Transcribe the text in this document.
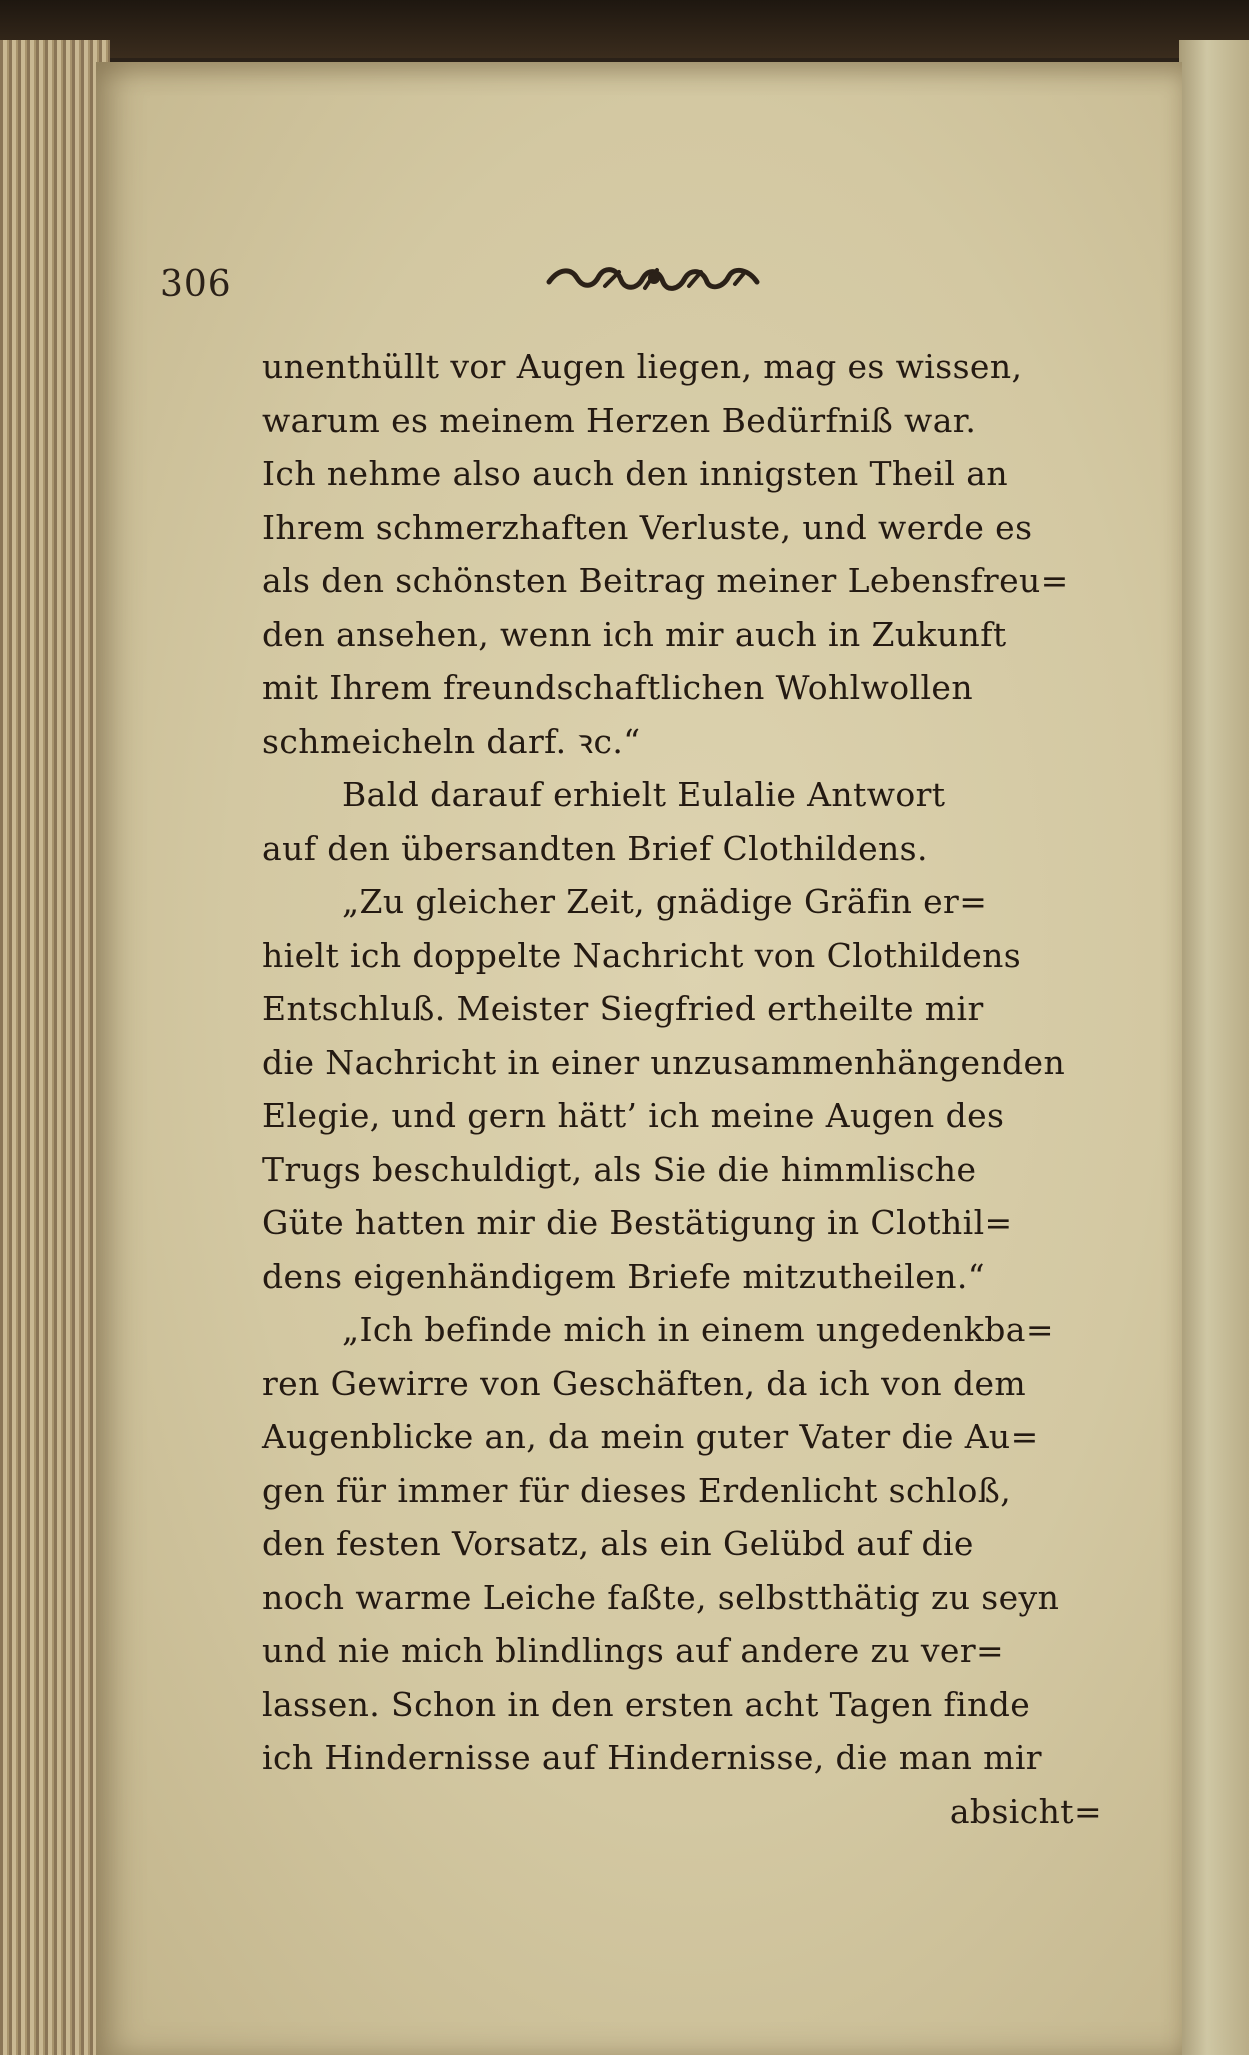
306
unenthüllt vor Augen liegen, mag es wissen,
warum es meinem Herzen Bedürfniß war.
Ich nehme also auch den innigsten Theil an
Ihrem schmerzhaften Verluste, und werde es
als den schönsten Beitrag meiner Lebensfreu=
den ansehen, wenn ich mir auch in Zukunft
mit Ihrem freundschaftlichen Wohlwollen
schmeicheln darf. ꝛc.“
Bald darauf erhielt Eulalie Antwort
auf den übersandten Brief Clothildens.
„Zu gleicher Zeit, gnädige Gräfin er=
hielt ich doppelte Nachricht von Clothildens
Entschluß. Meister Siegfried ertheilte mir
die Nachricht in einer unzusammenhängenden
Elegie, und gern hätt’ ich meine Augen des
Trugs beschuldigt, als Sie die himmlische
Güte hatten mir die Bestätigung in Clothil=
dens eigenhändigem Briefe mitzutheilen.“
„Ich befinde mich in einem ungedenkba=
ren Gewirre von Geschäften, da ich von dem
Augenblicke an, da mein guter Vater die Au=
gen für immer für dieses Erdenlicht schloß,
den festen Vorsatz, als ein Gelübd auf die
noch warme Leiche faßte, selbstthätig zu seyn
und nie mich blindlings auf andere zu ver=
lassen. Schon in den ersten acht Tagen finde
ich Hindernisse auf Hindernisse, die man mir
absicht=
